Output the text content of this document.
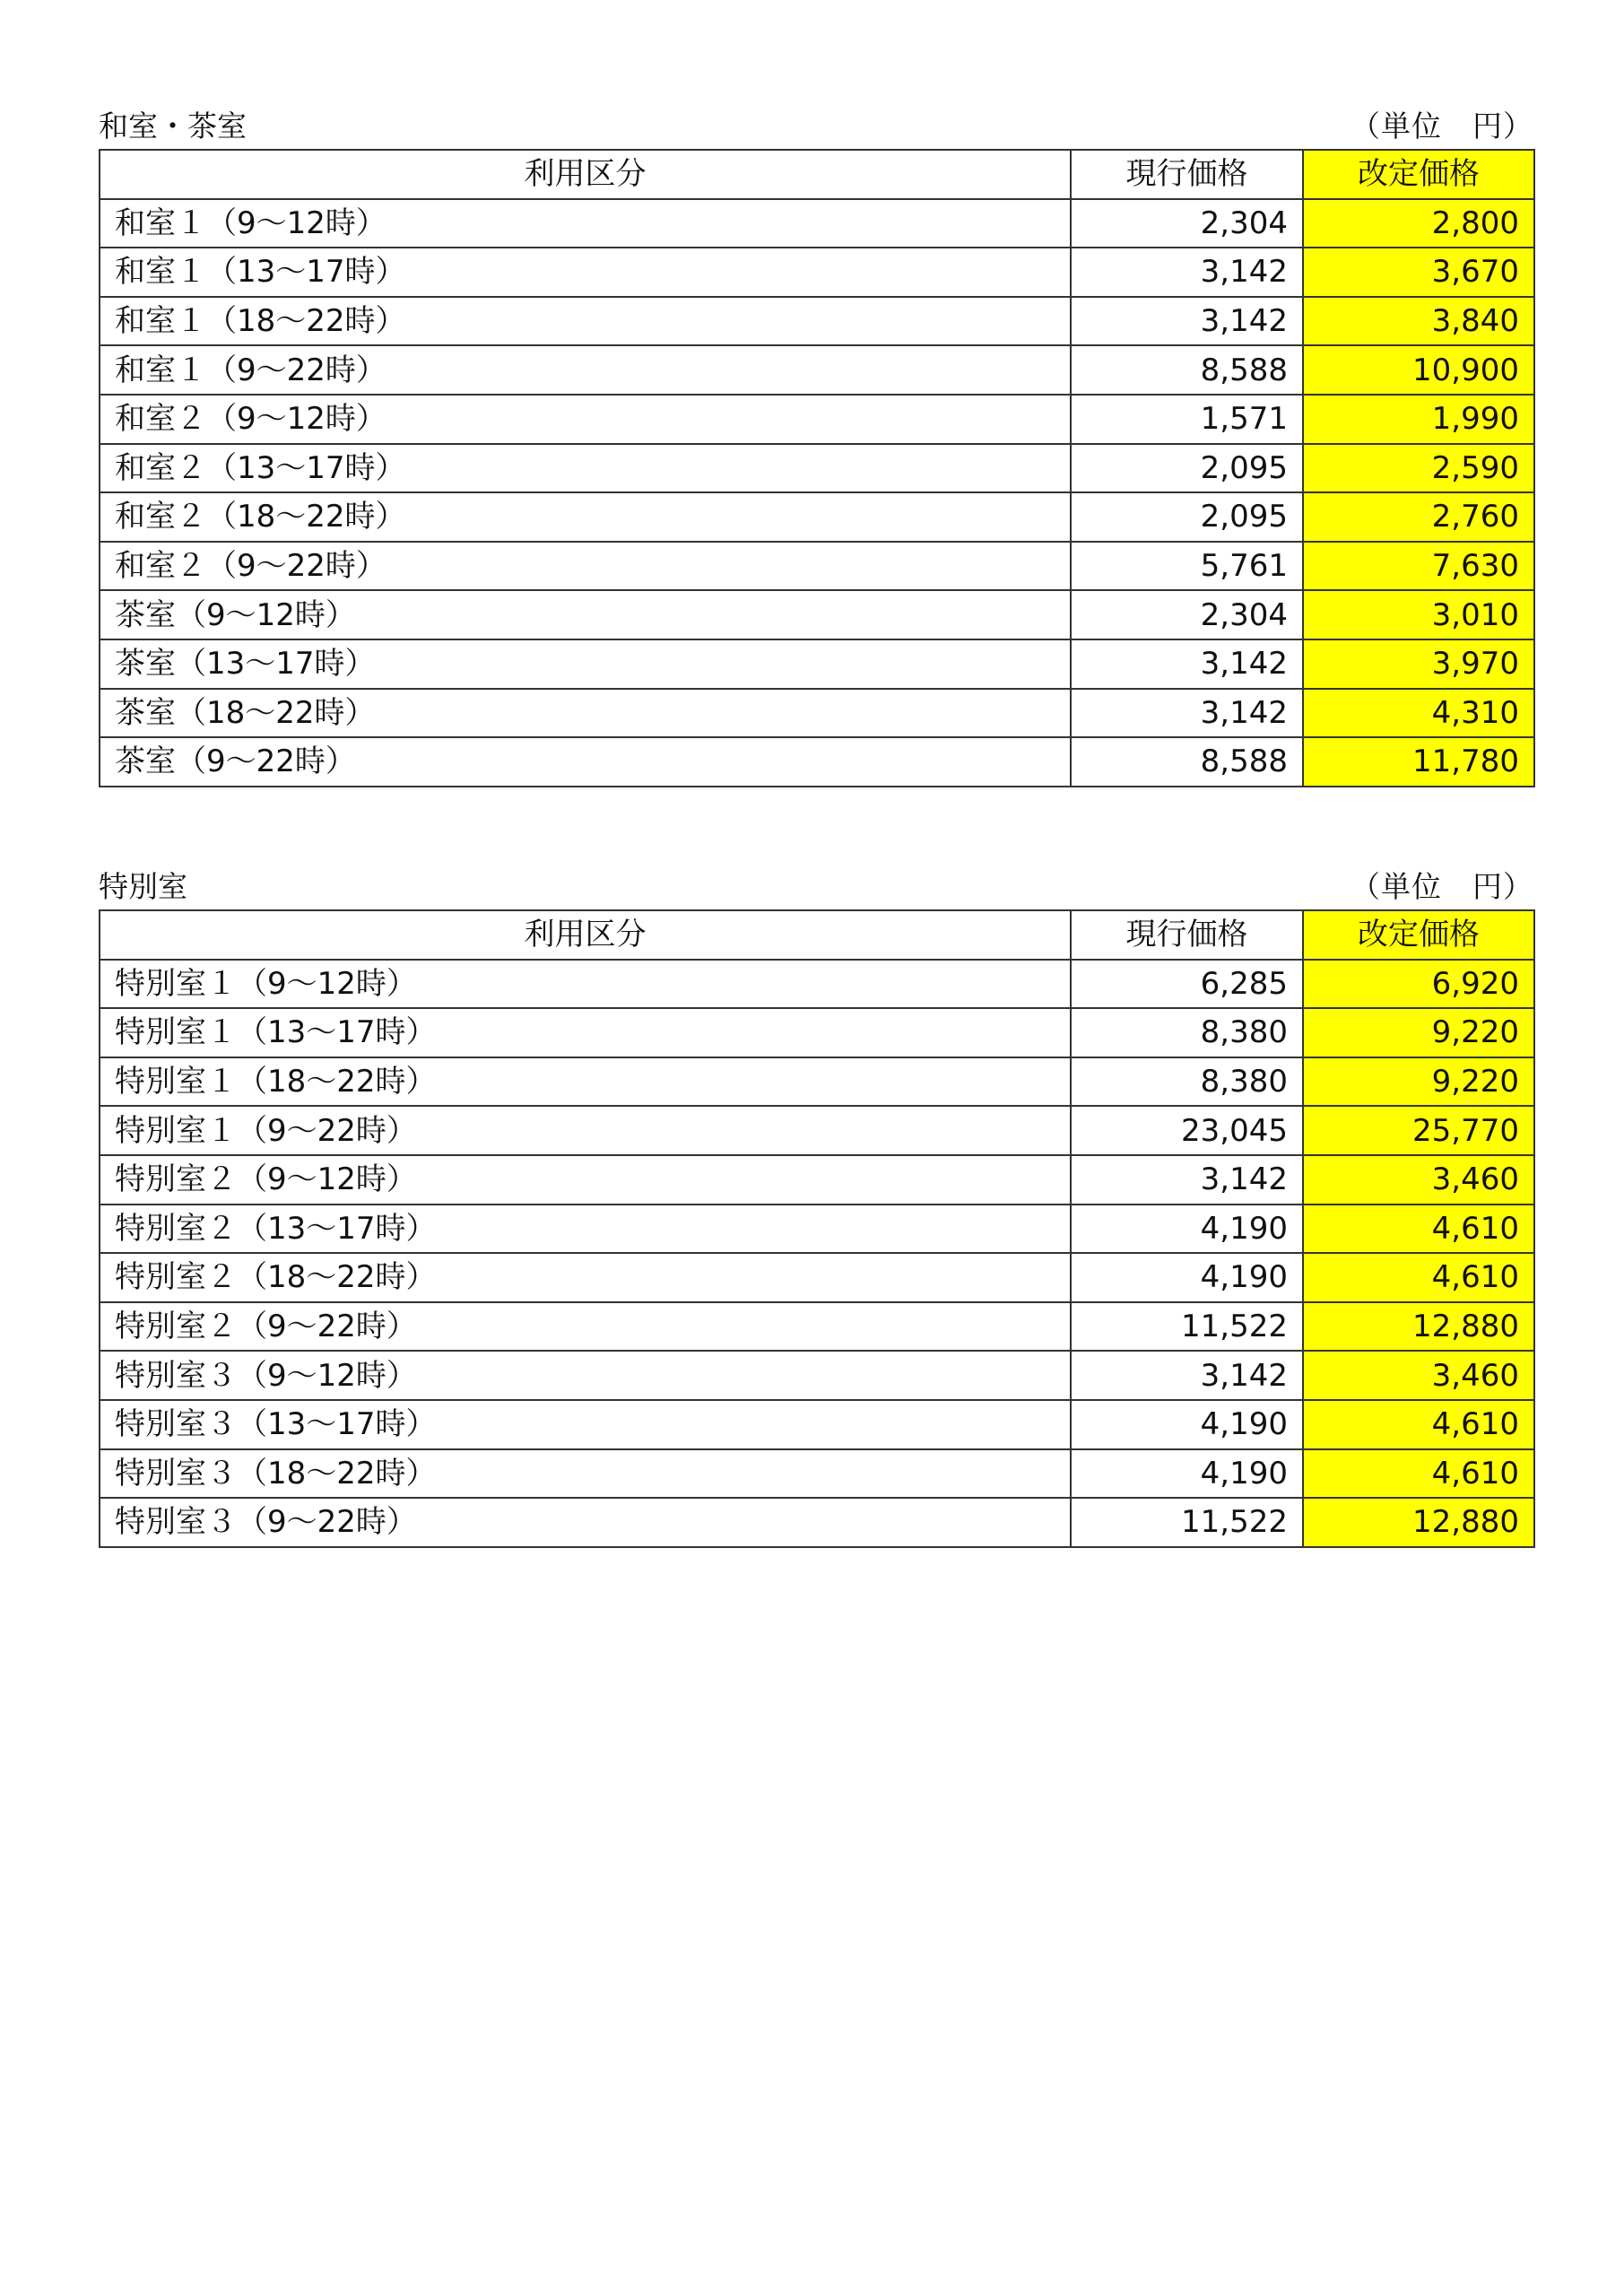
和室・茶室	（単位　円）
利用区分	現行価格	改定価格
和室１（9〜12時）	2,304	2,800
和室１（13〜17時）	3,142	3,670
和室１（18〜22時）	3,142	3,840
和室１（9〜22時）	8,588	10,900
和室２（9〜12時）	1,571	1,990
和室２（13〜17時）	2,095	2,590
和室２（18〜22時）	2,095	2,760
和室２（9〜22時）	5,761	7,630
茶室（9〜12時）	2,304	3,010
茶室（13〜17時）	3,142	3,970
茶室（18〜22時）	3,142	4,310
茶室（9〜22時）	8,588	11,780
特別室	（単位　円）
利用区分	現行価格	改定価格
特別室１（9〜12時）	6,285	6,920
特別室１（13〜17時）	8,380	9,220
特別室１（18〜22時）	8,380	9,220
特別室１（9〜22時）	23,045	25,770
特別室２（9〜12時）	3,142	3,460
特別室２（13〜17時）	4,190	4,610
特別室２（18〜22時）	4,190	4,610
特別室２（9〜22時）	11,522	12,880
特別室３（9〜12時）	3,142	3,460
特別室３（13〜17時）	4,190	4,610
特別室３（18〜22時）	4,190	4,610
特別室３（9〜22時）	11,522	12,880
